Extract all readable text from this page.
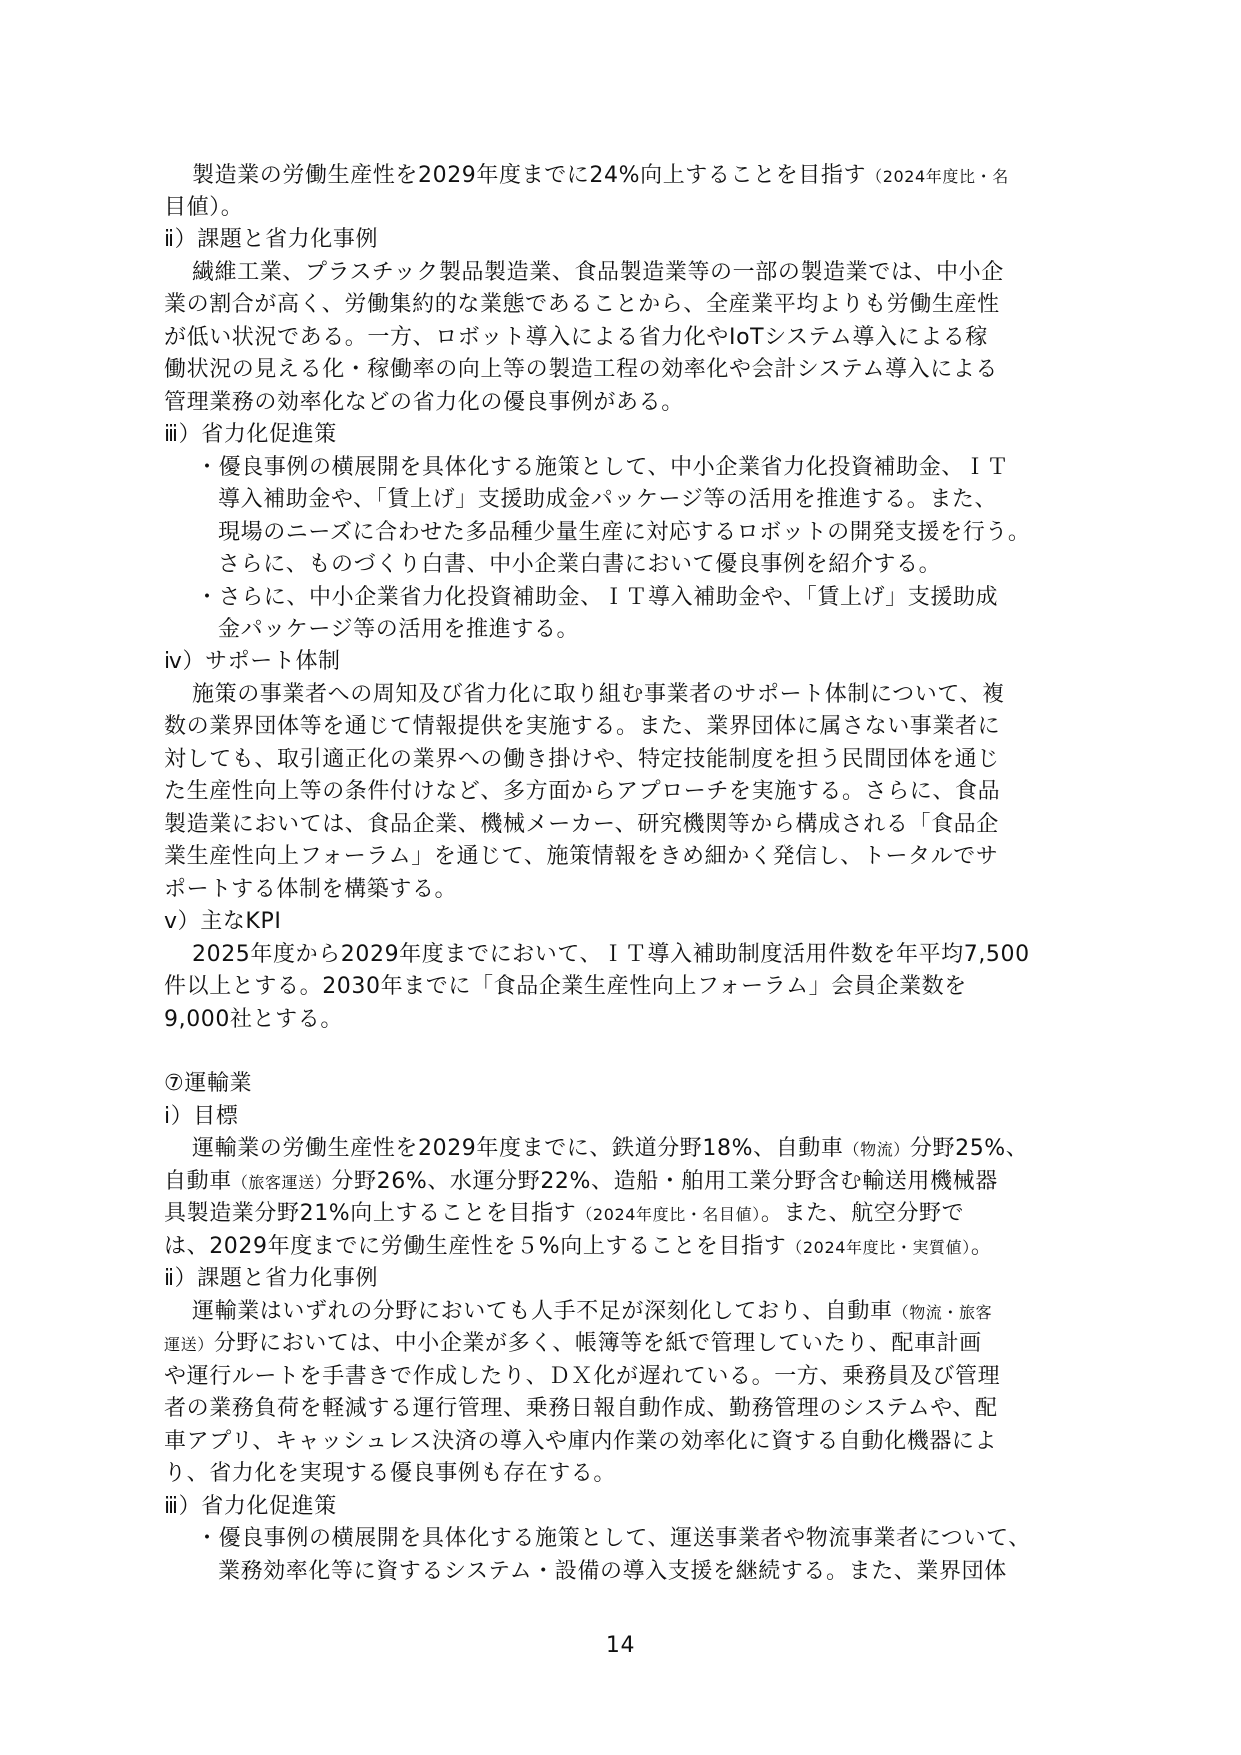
製造業の労働生産性を2029年度までに24%向上することを目指す（2024年度比・名
目値）。
ⅱ）課題と省力化事例
繊維工業、プラスチック製品製造業、食品製造業等の一部の製造業では、中小企
業の割合が高く、労働集約的な業態であることから、全産業平均よりも労働生産性
が低い状況である。一方、ロボット導入による省力化やIoTシステム導入による稼
働状況の見える化・稼働率の向上等の製造工程の効率化や会計システム導入による
管理業務の効率化などの省力化の優良事例がある。
ⅲ）省力化促進策
・優良事例の横展開を具体化する施策として、中小企業省力化投資補助金、ＩＴ
導入補助金や、「賃上げ」支援助成金パッケージ等の活用を推進する。また、
現場のニーズに合わせた多品種少量生産に対応するロボットの開発支援を行う。
さらに、ものづくり白書、中小企業白書において優良事例を紹介する。
・さらに、中小企業省力化投資補助金、ＩＴ導入補助金や、「賃上げ」支援助成
金パッケージ等の活用を推進する。
ⅳ）サポート体制
施策の事業者への周知及び省力化に取り組む事業者のサポート体制について、複
数の業界団体等を通じて情報提供を実施する。また、業界団体に属さない事業者に
対しても、取引適正化の業界への働き掛けや、特定技能制度を担う民間団体を通じ
た生産性向上等の条件付けなど、多方面からアプローチを実施する。さらに、食品
製造業においては、食品企業、機械メーカー、研究機関等から構成される「食品企
業生産性向上フォーラム」を通じて、施策情報をきめ細かく発信し、トータルでサ
ポートする体制を構築する。
ⅴ）主なKPI
2025年度から2029年度までにおいて、ＩＴ導入補助制度活用件数を年平均7,500
件以上とする。2030年までに「食品企業生産性向上フォーラム」会員企業数を
9,000社とする。
⑦運輸業
ⅰ）目標
運輸業の労働生産性を2029年度までに、鉄道分野18%、自動車（物流）分野25%、
自動車（旅客運送）分野26%、水運分野22%、造船・舶用工業分野含む輸送用機械器
具製造業分野21%向上することを目指す（2024年度比・名目値）。また、航空分野で
は、2029年度までに労働生産性を５%向上することを目指す（2024年度比・実質値）。
ⅱ）課題と省力化事例
運輸業はいずれの分野においても人手不足が深刻化しており、自動車（物流・旅客
運送）分野においては、中小企業が多く、帳簿等を紙で管理していたり、配車計画
や運行ルートを手書きで作成したり、ＤＸ化が遅れている。一方、乗務員及び管理
者の業務負荷を軽減する運行管理、乗務日報自動作成、勤務管理のシステムや、配
車アプリ、キャッシュレス決済の導入や庫内作業の効率化に資する自動化機器によ
り、省力化を実現する優良事例も存在する。
ⅲ）省力化促進策
・優良事例の横展開を具体化する施策として、運送事業者や物流事業者について、
業務効率化等に資するシステム・設備の導入支援を継続する。また、業界団体
14
